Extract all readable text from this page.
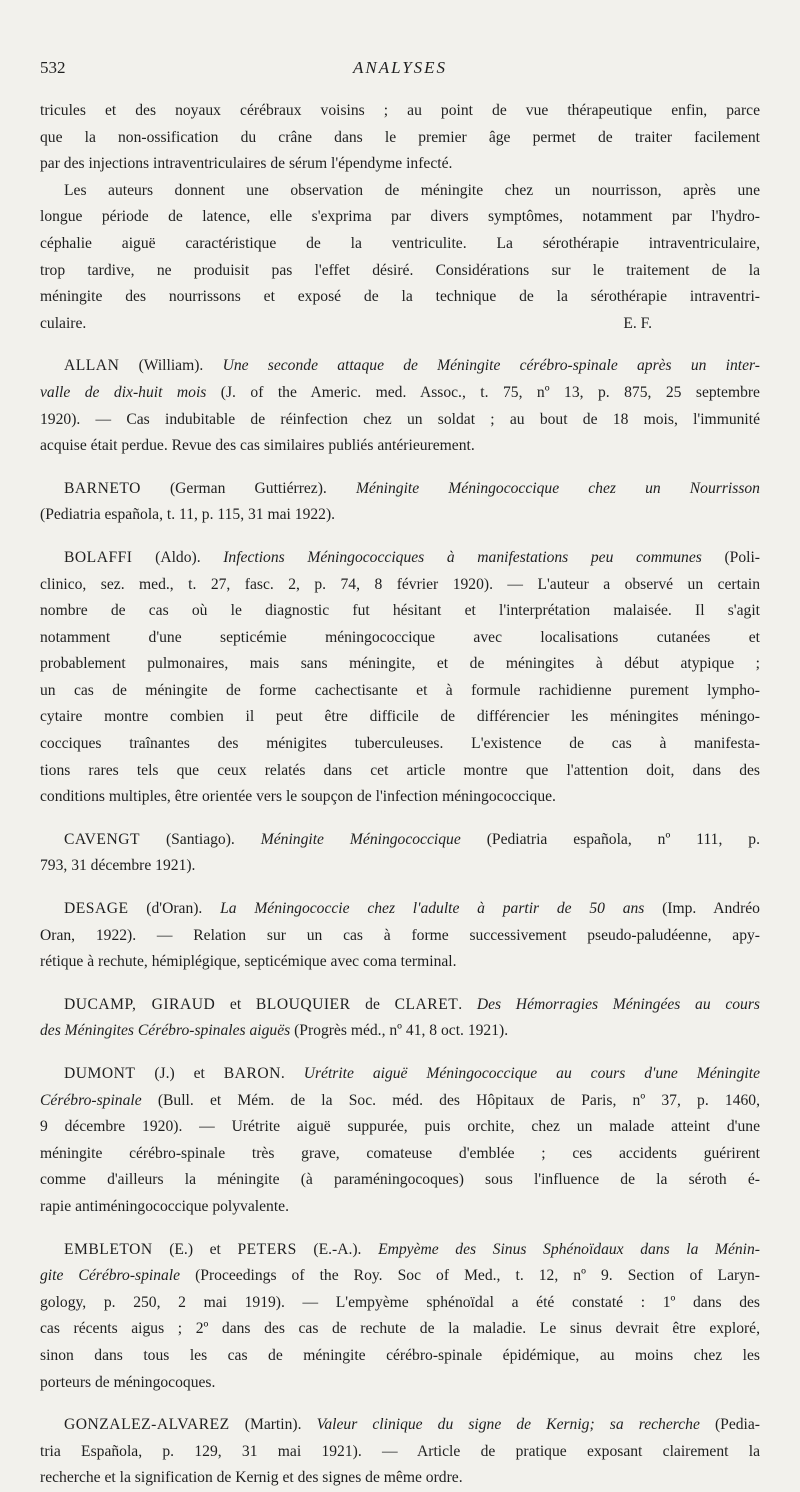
532	ANALYSES
tricules et des noyaux cérébraux voisins ; au point de vue thérapeutique enfin, parce
que la non-ossification du crâne dans le premier âge permet de traiter facilement
par des injections intraventriculaires de sérum l'épendyme infecté.
Les auteurs donnent une observation de méningite chez un nourrisson, après une
longue période de latence, elle s'exprima par divers symptômes, notamment par l'hydro-
céphalie aiguë caractéristique de la ventriculite. La sérothérapie intraventriculaire,
trop tardive, ne produisit pas l'effet désiré. Considérations sur le traitement de la
méningite des nourrissons et exposé de la technique de la sérothérapie intraventri-
culaire.	E. F.
ALLAN (William). Une seconde attaque de Méningite cérébro-spinale après un inter-
valle de dix-huit mois (J. of the Americ. med. Assoc., t. 75, nº 13, p. 875, 25 septembre
1920). — Cas indubitable de réinfection chez un soldat ; au bout de 18 mois, l'immunité
acquise était perdue. Revue des cas similaires publiés antérieurement.
BARNETO (German Guttiérrez). Méningite Méningococcique chez un Nourrisson
(Pediatria española, t. 11, p. 115, 31 mai 1922).
BOLAFFI (Aldo). Infections Méningococciques à manifestations peu communes (Poli-
clinico, sez. med., t. 27, fasc. 2, p. 74, 8 février 1920). — L'auteur a observé un certain
nombre de cas où le diagnostic fut hésitant et l'interprétation malaisée. Il s'agit
notamment d'une septicémie méningococcique avec localisations cutanées et
probablement pulmonaires, mais sans méningite, et de méningites à début atypique ;
un cas de méningite de forme cachectisante et à formule rachidienne purement lympho-
cytaire montre combien il peut être difficile de différencier les méningites méningo-
cocciques traînantes des ménigites tuberculeuses. L'existence de cas à manifesta-
tions rares tels que ceux relatés dans cet article montre que l'attention doit, dans des
conditions multiples, être orientée vers le soupçon de l'infection méningococcique.
CAVENGT (Santiago). Méningite Méningococcique (Pediatria española, nº 111, p.
793, 31 décembre 1921).
DESAGE (d'Oran). La Méningococcie chez l'adulte à partir de 50 ans (Imp. Andréo
Oran, 1922). — Relation sur un cas à forme successivement pseudo-paludéenne, apy-
rétique à rechute, hémiplégique, septicémique avec coma terminal.
DUCAMP, GIRAUD et BLOUQUIER de CLARET. Des Hémorragies Méningées au cours
des Méningites Cérébro-spinales aiguës (Progrès méd., nº 41, 8 oct. 1921).
DUMONT (J.) et BARON. Urétrite aiguë Méningococcique au cours d'une Méningite
Cérébro-spinale (Bull. et Mém. de la Soc. méd. des Hôpitaux de Paris, nº 37, p. 1460,
9 décembre 1920). — Urétrite aiguë suppurée, puis orchite, chez un malade atteint d'une
méningite cérébro-spinale très grave, comateuse d'emblée ; ces accidents guérirent
comme d'ailleurs la méningite (à paraméningocoques) sous l'influence de la séroth é-
rapie antiméningococcique polyvalente.
EMBLETON (E.) et PETERS (E.-A.). Empyème des Sinus Sphénoïdaux dans la Ménin-
gite Cérébro-spinale (Proceedings of the Roy. Soc of Med., t. 12, nº 9. Section of Laryn-
gology, p. 250, 2 mai 1919). — L'empyème sphénoïdal a été constaté : 1º dans des
cas récents aigus ; 2º dans des cas de rechute de la maladie. Le sinus devrait être exploré,
sinon dans tous les cas de méningite cérébro-spinale épidémique, au moins chez les
porteurs de méningocoques.
GONZALEZ-ALVAREZ (Martin). Valeur clinique du signe de Kernig; sa recherche (Pedia-
tria Española, p. 129, 31 mai 1921). — Article de pratique exposant clairement la
recherche et la signification de Kernig et des signes de même ordre.
